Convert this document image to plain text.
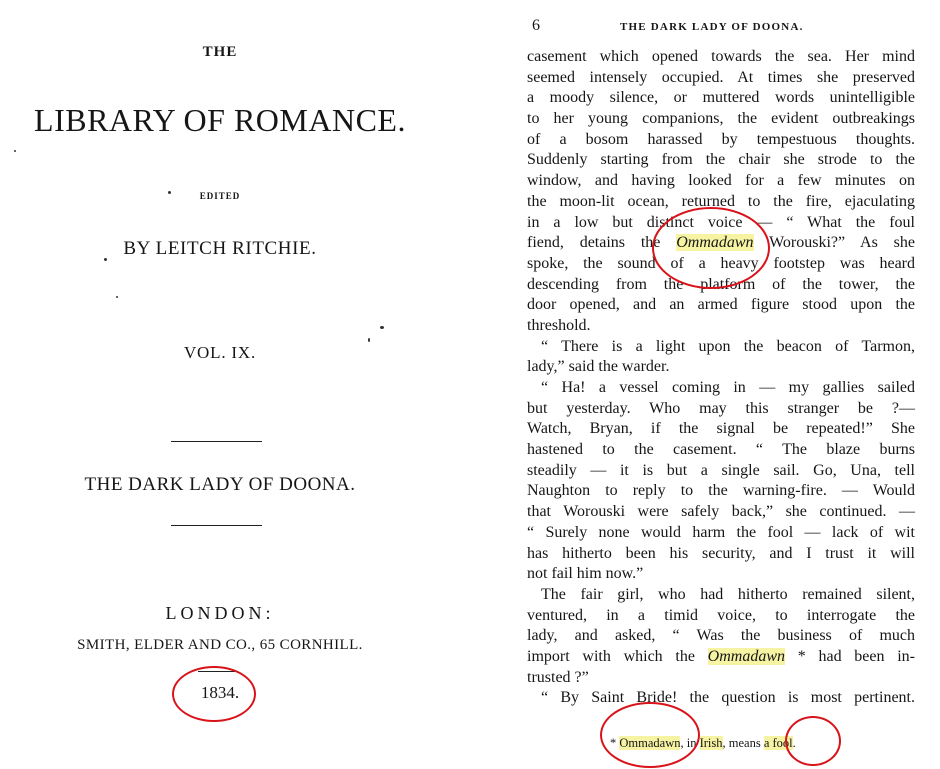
THE
LIBRARY OF ROMANCE.
EDITED
BY LEITCH RITCHIE.
VOL. IX.
THE DARK LADY OF DOONA.
LONDON:
SMITH, ELDER AND CO., 65 CORNHILL.
1834.
6	THE DARK LADY OF DOONA.
casement which opened towards the sea. Her mind
seemed intensely occupied. At times she preserved
a moody silence, or muttered words unintelligible
to her young companions, the evident outbreakings
of a bosom harassed by tempestuous thoughts.
Suddenly starting from the chair she strode to the
window, and having looked for a few minutes on
the moon-lit ocean, returned to the fire, ejaculating
in a low but distinct voice — “ What the foul
fiend, detains the Ommadawn Worouski?” As she
spoke, the sound of a heavy footstep was heard
descending from the platform of the tower, the
door opened, and an armed figure stood upon the
threshold.
“ There is a light upon the beacon of Tarmon,
lady,” said the warder.
“ Ha! a vessel coming in — my gallies sailed
but yesterday. Who may this stranger be ?—
Watch, Bryan, if the signal be repeated!” She
hastened to the casement. “ The blaze burns
steadily — it is but a single sail. Go, Una, tell
Naughton to reply to the warning-fire. — Would
that Worouski were safely back,” she continued. —
“ Surely none would harm the fool — lack of wit
has hitherto been his security, and I trust it will
not fail him now.”
The fair girl, who had hitherto remained silent,
ventured, in a timid voice, to interrogate the
lady, and asked, “ Was the business of much
import with which the Ommadawn * had been in-
trusted ?”
“ By Saint Bride! the question is most pertinent.
* Ommadawn, in Irish, means a fool.
